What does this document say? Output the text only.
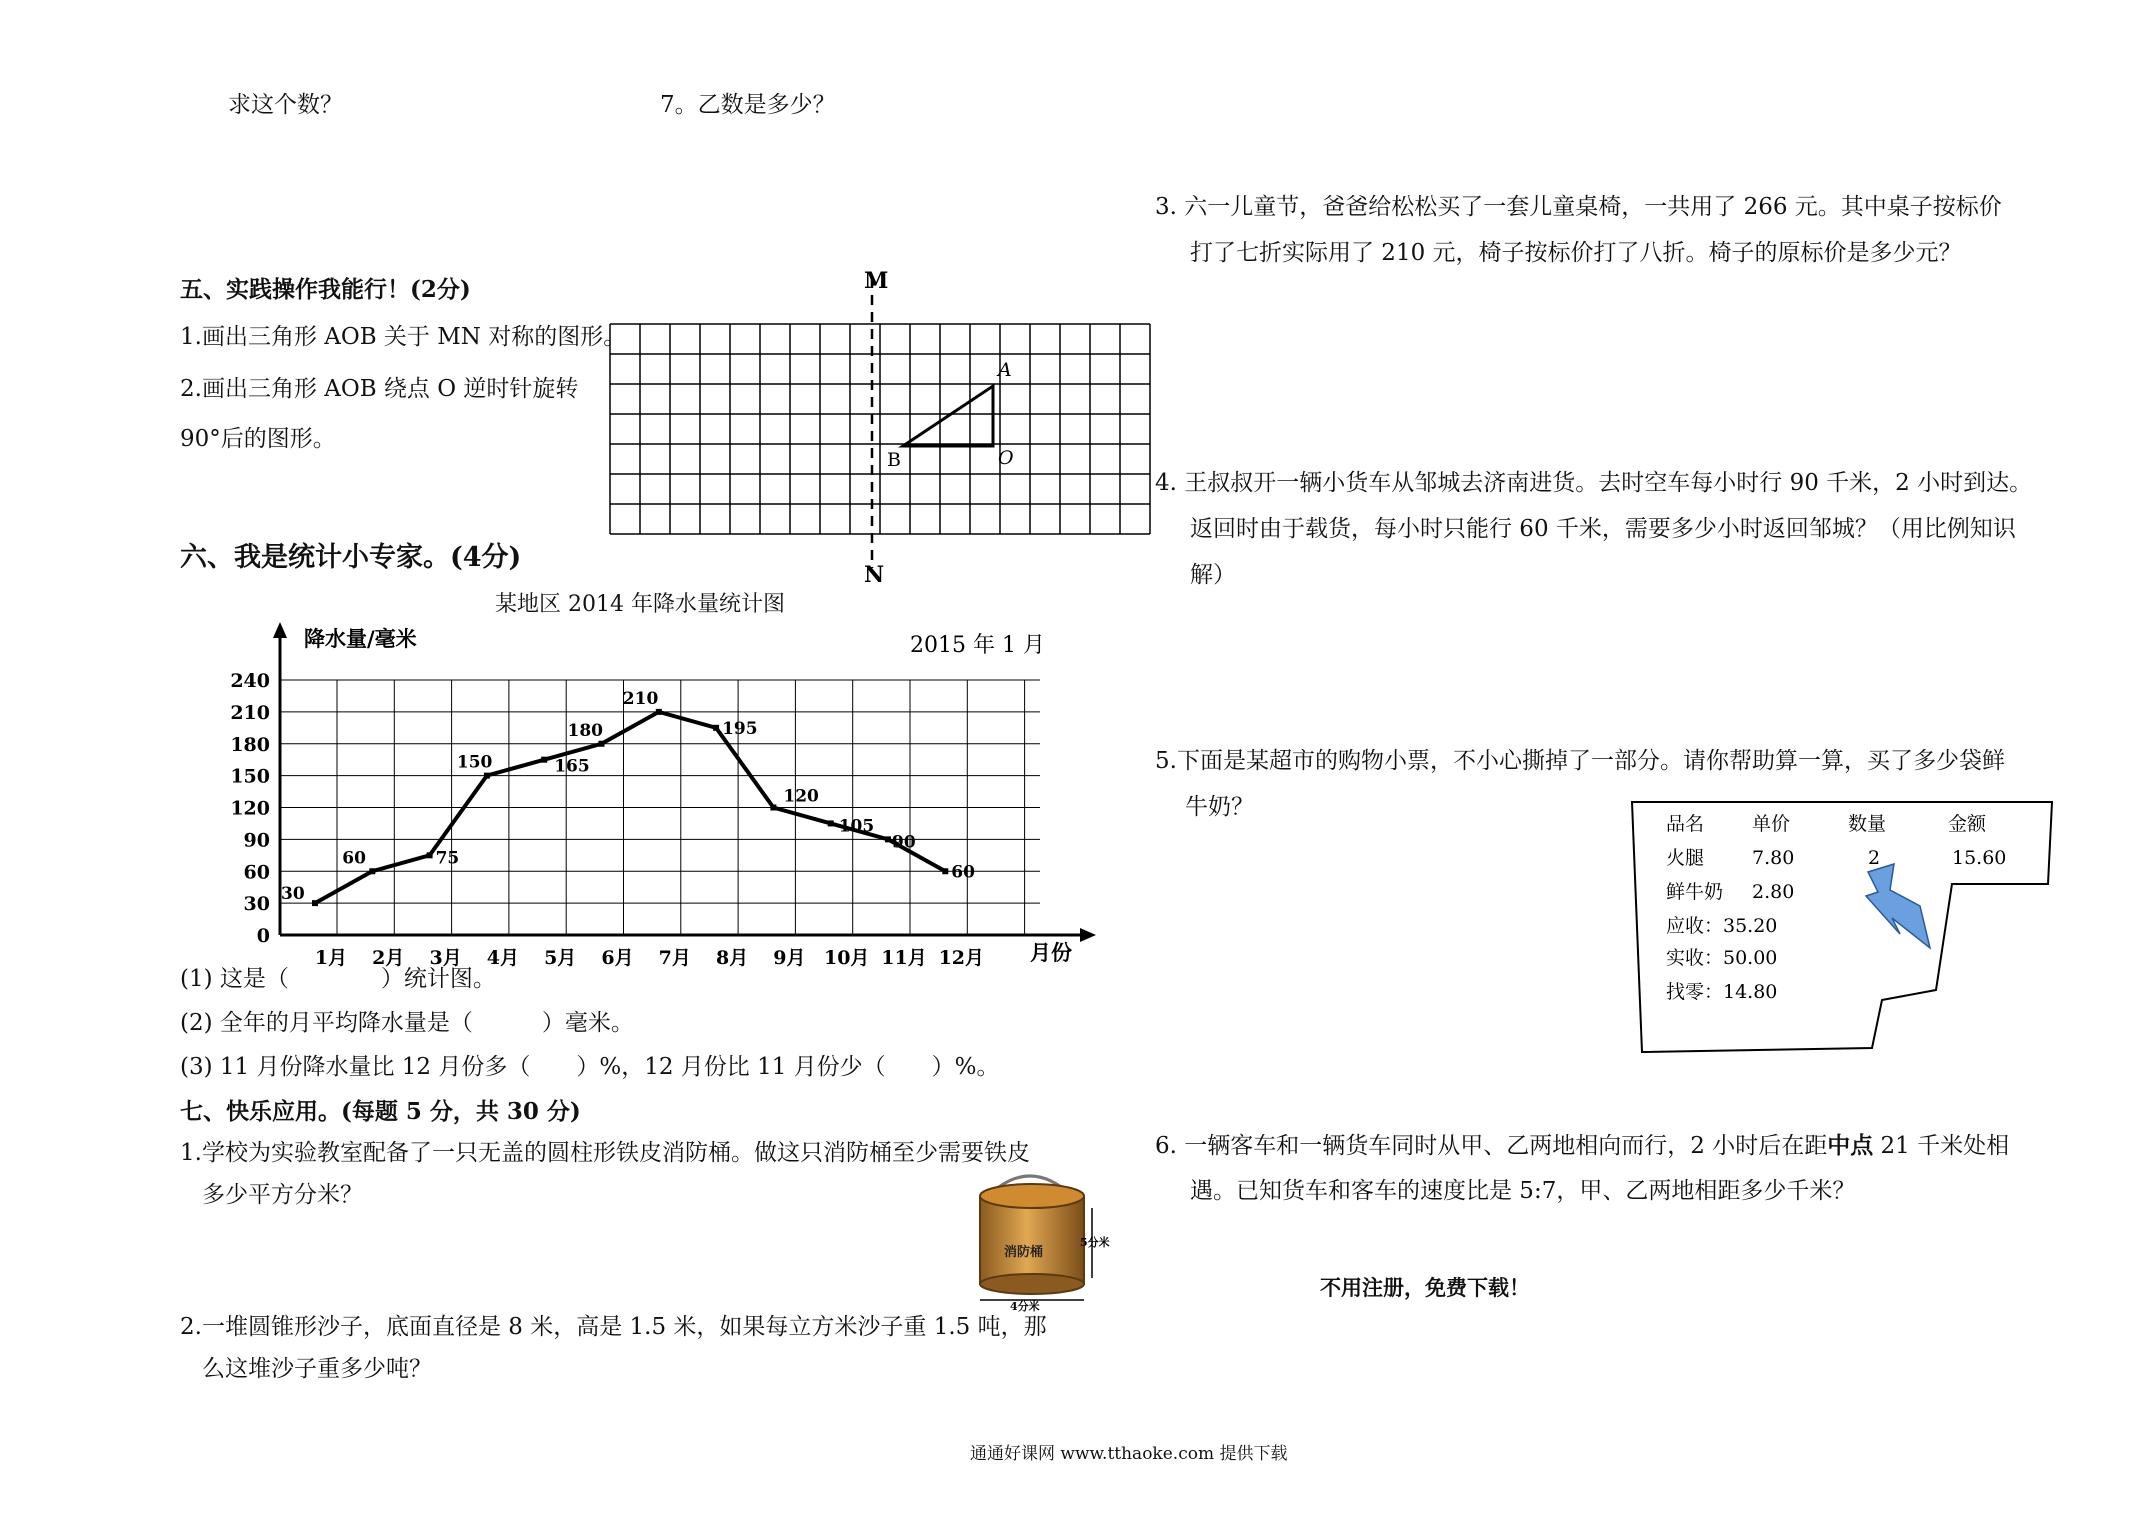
求这个数？	7。乙数是多少？
五、实践操作我能行！(2分)
1.画出三角形 AOB 关于 MN 对称的图形。
2.画出三角形 AOB 绕点 O 逆时针旋转
90°后的图形。
M
N
A
B	O
六、我是统计小专家。(4分)
某地区 2014 年降水量统计图
0
30
60
90
120
150
180
210
240
1月 2月 3月 4月 5月 6月 7月 8月 9月 10月 11月 12月
30
60	75
150	165
180
210
195
120
105
90
60
降水量/毫米
月份
2015 年 1 月
(1) 这是（　　　　）统计图。
(2) 全年的月平均降水量是（　　　）毫米。
(3) 11 月份降水量比 12 月份多（　　）%，12 月份比 11 月份少（　　）%。
七、快乐应用。(每题 5 分，共 30 分)
1.学校为实验教室配备了一只无盖的圆柱形铁皮消防桶。做这只消防桶至少需要铁皮
多少平方分米？
消防桶
5分米
4分米
2.一堆圆锥形沙子，底面直径是 8 米，高是 1.5 米，如果每立方米沙子重 1.5 吨，那
么这堆沙子重多少吨？
3. 六一儿童节，爸爸给松松买了一套儿童桌椅，一共用了 266 元。其中桌子按标价
打了七折实际用了 210 元，椅子按标价打了八折。椅子的原标价是多少元？
4. 王叔叔开一辆小货车从邹城去济南进货。去时空车每小时行 90 千米，2 小时到达。
返回时由于载货，每小时只能行 60 千米，需要多少小时返回邹城？（用比例知识
解）
5.下面是某超市的购物小票，不小心撕掉了一部分。请你帮助算一算，买了多少袋鲜
牛奶？
品名	单价	数量	金额
火腿	7.80	2	15.60
鲜牛奶 2.80
应收：35.20
实收：50.00
找零：14.80
6. 一辆客车和一辆货车同时从甲、乙两地相向而行，2 小时后在距中点 21 千米处相
遇。已知货车和客车的速度比是 5:7，甲、乙两地相距多少千米？
不用注册，免费下载！
通通好课网 www.tthaoke.com 提供下载
